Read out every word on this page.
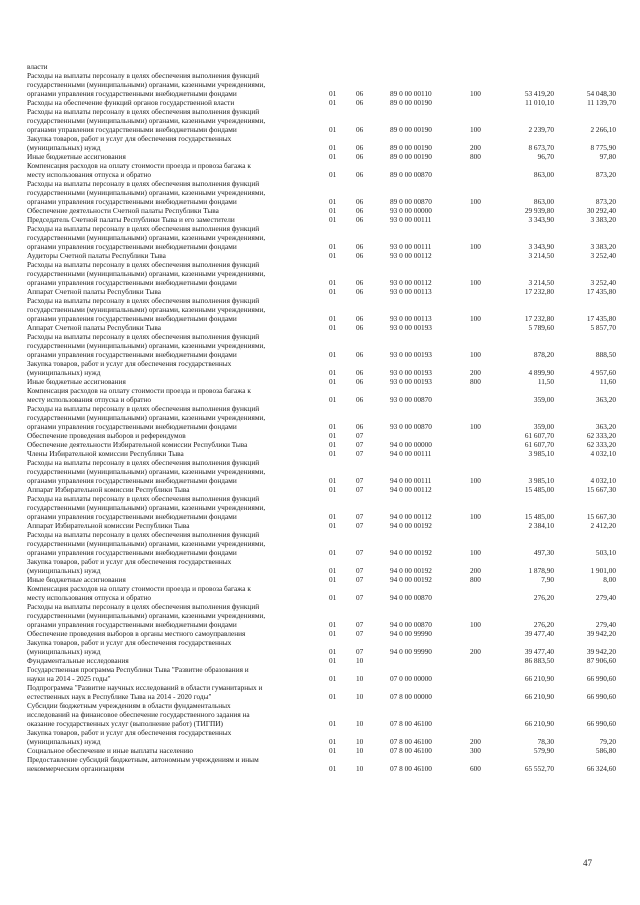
власти
Расходы на выплаты персоналу в целях обеспечения выполнения функций
государственными (муниципальными) органами, казенными учреждениями,
органами управления государственными внебюджетными фондами	01	06	89 0 00 00110	100	53 419,20	54 048,30
Расходы на обеспечение функций органов государственной власти	01	06	89 0 00 00190	11 010,10	11 139,70
Расходы на выплаты персоналу в целях обеспечения выполнения функций
государственными (муниципальными) органами, казенными учреждениями,
органами управления государственными внебюджетными фондами	01	06	89 0 00 00190	100	2 239,70	2 266,10
Закупка товаров, работ и услуг для обеспечения государственных
(муниципальных) нужд	01	06	89 0 00 00190	200	8 673,70	8 775,90
Иные бюджетные ассигнования	01	06	89 0 00 00190	800	96,70	97,80
Компенсация расходов на оплату стоимости проезда и провоза багажа к
месту использования отпуска и обратно	01	06	89 0 00 00870	863,00	873,20
Расходы на выплаты персоналу в целях обеспечения выполнения функций
государственными (муниципальными) органами, казенными учреждениями,
органами управления государственными внебюджетными фондами	01	06	89 0 00 00870	100	863,00	873,20
Обеспечение деятельности Счетной палаты Республики Тыва	01	06	93 0 00 00000	29 939,80	30 292,40
Председатель Счетной палаты Республики Тыва и его заместители	01	06	93 0 00 00111	3 343,90	3 383,20
Расходы на выплаты персоналу в целях обеспечения выполнения функций
государственными (муниципальными) органами, казенными учреждениями,
органами управления государственными внебюджетными фондами	01	06	93 0 00 00111	100	3 343,90	3 383,20
Аудиторы Счетной палаты Республики Тыва	01	06	93 0 00 00112	3 214,50	3 252,40
Расходы на выплаты персоналу в целях обеспечения выполнения функций
государственными (муниципальными) органами, казенными учреждениями,
органами управления государственными внебюджетными фондами	01	06	93 0 00 00112	100	3 214,50	3 252,40
Аппарат Счетной палаты Республики Тыва	01	06	93 0 00 00113	17 232,80	17 435,80
Расходы на выплаты персоналу в целях обеспечения выполнения функций
государственными (муниципальными) органами, казенными учреждениями,
органами управления государственными внебюджетными фондами	01	06	93 0 00 00113	100	17 232,80	17 435,80
Аппарат Счетной палаты Республики Тыва	01	06	93 0 00 00193	5 789,60	5 857,70
Расходы на выплаты персоналу в целях обеспечения выполнения функций
государственными (муниципальными) органами, казенными учреждениями,
органами управления государственными внебюджетными фондами	01	06	93 0 00 00193	100	878,20	888,50
Закупка товаров, работ и услуг для обеспечения государственных
(муниципальных) нужд	01	06	93 0 00 00193	200	4 899,90	4 957,60
Иные бюджетные ассигнования	01	06	93 0 00 00193	800	11,50	11,60
Компенсация расходов на оплату стоимости проезда и провоза багажа к
месту использования отпуска и обратно	01	06	93 0 00 00870	359,00	363,20
Расходы на выплаты персоналу в целях обеспечения выполнения функций
государственными (муниципальными) органами, казенными учреждениями,
органами управления государственными внебюджетными фондами	01	06	93 0 00 00870	100	359,00	363,20
Обеспечение проведения выборов и референдумов	01	07	61 607,70	62 333,20
Обеспечение деятельности Избирательной комиссии Республики Тыва	01	07	94 0 00 00000	61 607,70	62 333,20
Члены Избирательной комиссии Республики Тыва	01	07	94 0 00 00111	3 985,10	4 032,10
Расходы на выплаты персоналу в целях обеспечения выполнения функций
государственными (муниципальными) органами, казенными учреждениями,
органами управления государственными внебюджетными фондами	01	07	94 0 00 00111	100	3 985,10	4 032,10
Аппарат Избирательной комиссии Республики Тыва	01	07	94 0 00 00112	15 485,00	15 667,30
Расходы на выплаты персоналу в целях обеспечения выполнения функций
государственными (муниципальными) органами, казенными учреждениями,
органами управления государственными внебюджетными фондами	01	07	94 0 00 00112	100	15 485,00	15 667,30
Аппарат Избирательной комиссии Республики Тыва	01	07	94 0 00 00192	2 384,10	2 412,20
Расходы на выплаты персоналу в целях обеспечения выполнения функций
государственными (муниципальными) органами, казенными учреждениями,
органами управления государственными внебюджетными фондами	01	07	94 0 00 00192	100	497,30	503,10
Закупка товаров, работ и услуг для обеспечения государственных
(муниципальных) нужд	01	07	94 0 00 00192	200	1 878,90	1 901,00
Иные бюджетные ассигнования	01	07	94 0 00 00192	800	7,90	8,00
Компенсация расходов на оплату стоимости проезда и провоза багажа к
месту использования отпуска и обратно	01	07	94 0 00 00870	276,20	279,40
Расходы на выплаты персоналу в целях обеспечения выполнения функций
государственными (муниципальными) органами, казенными учреждениями,
органами управления государственными внебюджетными фондами	01	07	94 0 00 00870	100	276,20	279,40
Обеспечение проведения выборов в органы местного самоуправления	01	07	94 0 00 99990	39 477,40	39 942,20
Закупка товаров, работ и услуг для обеспечения государственных
(муниципальных) нужд	01	07	94 0 00 99990	200	39 477,40	39 942,20
Фундаментальные исследования	01	10	86 883,50	87 906,60
Государственная программа Республики Тыва "Развитие образования и
науки на 2014 - 2025 годы"	01	10	07 0 00 00000	66 210,90	66 990,60
Подпрограмма "Развитие научных исследований в области гуманитарных и
естественных наук в Республике Тыва на 2014 - 2020 годы"	01	10	07 8 00 00000	66 210,90	66 990,60
Субсидии бюджетным учреждениям в области фундаментальных
исследований на финансовое обеспечение государственного задания на
оказание государственных услуг (выполнение работ) (ТИГПИ)	01	10	07 8 00 46100	66 210,90	66 990,60
Закупка товаров, работ и услуг для обеспечения государственных
(муниципальных) нужд	01	10	07 8 00 46100	200	78,30	79,20
Социальное обеспечение и иные выплаты населению	01	10	07 8 00 46100	300	579,90	586,80
Предоставление субсидий бюджетным, автономным учреждениям и иным
некоммерческим организациям	01	10	07 8 00 46100	600	65 552,70	66 324,60
47
